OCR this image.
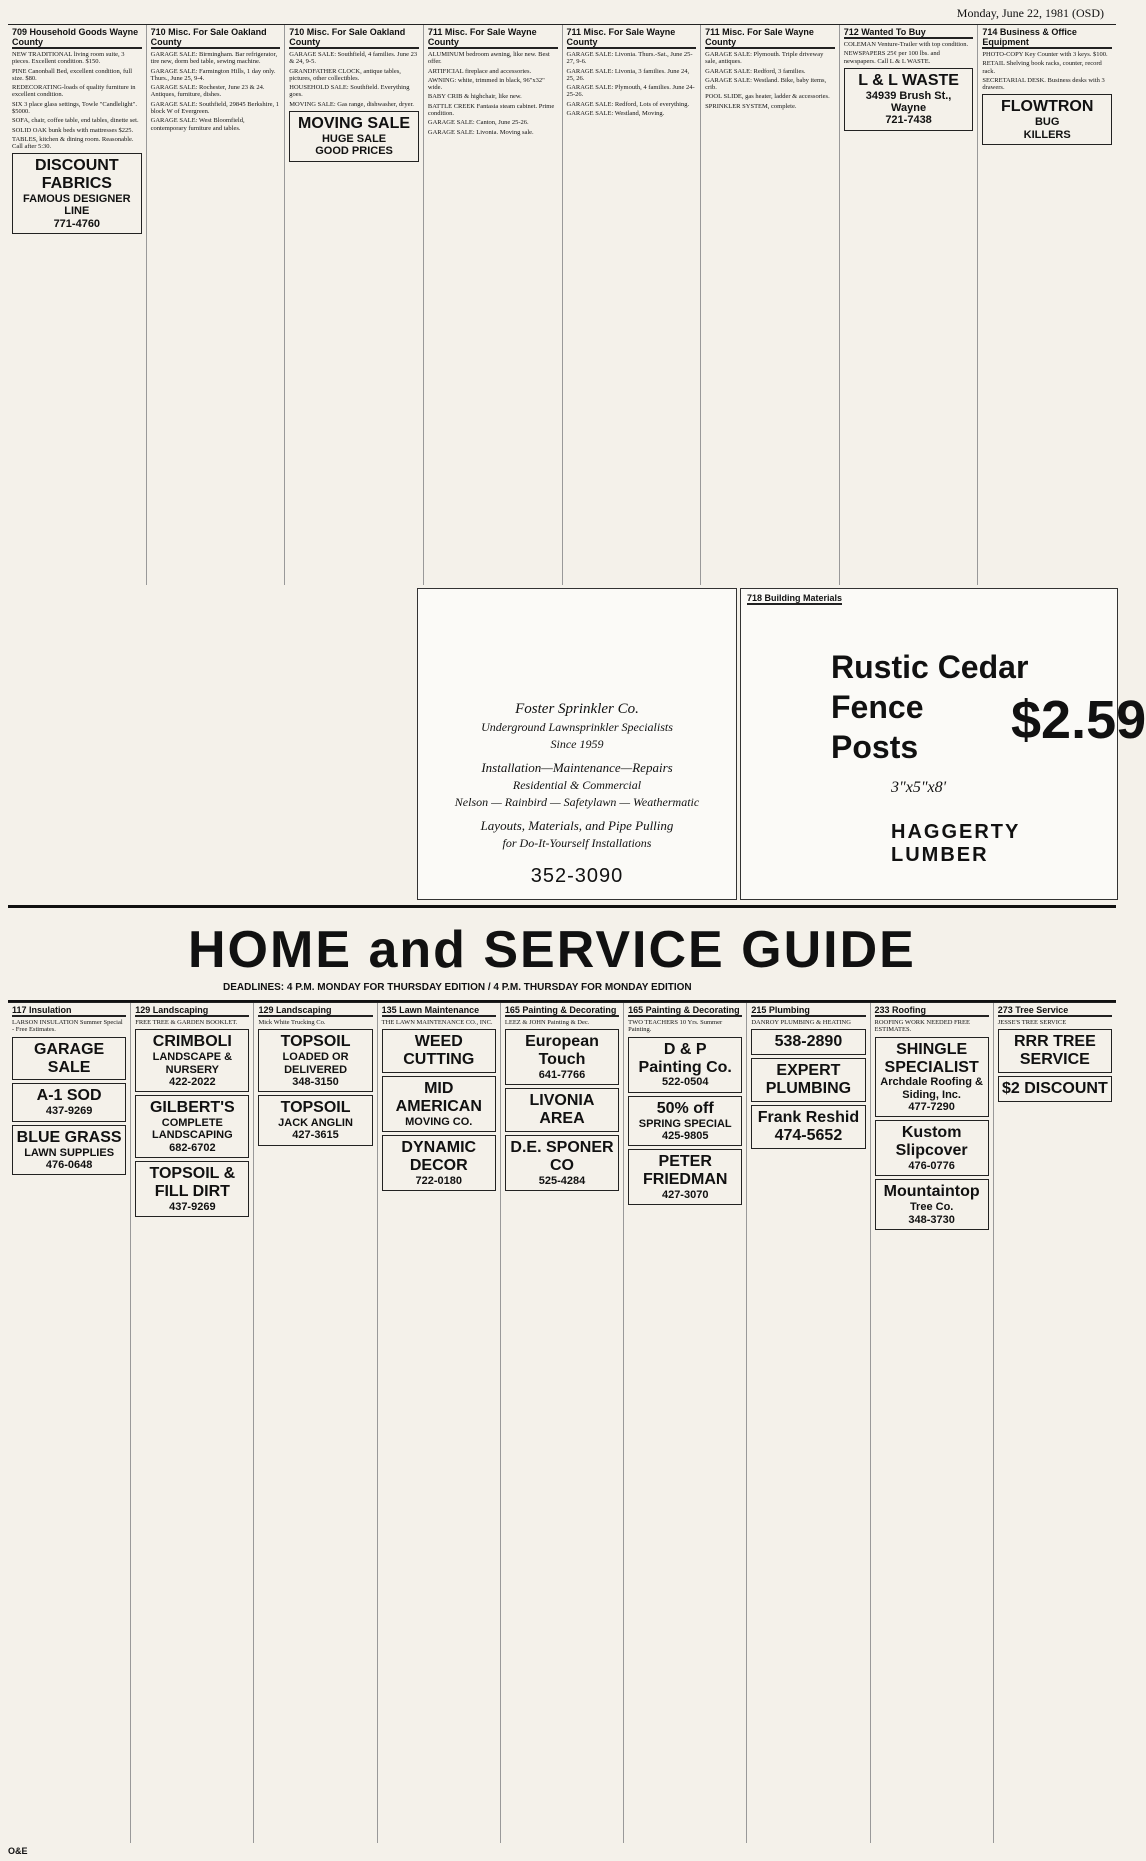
Monday, June 22, 1981 (OSD)
709 Household Goods Wayne County
NEW TRADITIONAL living room suite, 3 pieces. Excellent condition. $150.
PINE Canonball Bed, excellent condition, full size. $80.
REDECORATING-loads of quality furniture in excellent condition.
SIX 3 place glass settings, Towle "Candlelight". $5000.
SOFA, chair, coffee table, end tables, dinette set.
SOLID OAK bunk beds with mattresses $225.
TABLES, kitchen & dining room. Reasonable. Call after 5:30.
DISCOUNT FABRICS
FAMOUS DESIGNER LINE
771-4760
710 Misc. For Sale Oakland County
GARAGE SALE: Birmingham. Bar refrigerator, tire new, dorm bed table, sewing machine.
GARAGE SALE: Farmington Hills, 1 day only. Thurs., June 25, 9-4.
GARAGE SALE: Rochester, June 23 & 24. Antiques, furniture, dishes.
GARAGE SALE: Southfield, 29845 Berkshire, 1 block W of Evergreen.
GARAGE SALE: West Bloomfield, contemporary furniture and tables.
710 Misc. For Sale Oakland County
GARAGE SALE: Southfield, 4 families. June 23 & 24, 9-5.
GRANDFATHER CLOCK, antique tables, pictures, other collectibles.
HOUSEHOLD SALE: Southfield. Everything goes.
MOVING SALE: Gas range, dishwasher, dryer.
MOVING SALE
HUGE SALE
GOOD PRICES
711 Misc. For Sale Wayne County
ALUMINUM bedroom awning, like new. Best offer.
ARTIFICIAL fireplace and accessories.
AWNING: white, trimmed in black, 96"x32" wide.
BABY CRIB & highchair, like new.
BATTLE CREEK Fantasia steam cabinet. Prime condition.
GARAGE SALE: Canton, June 25-26.
GARAGE SALE: Livonia. Moving sale.
711 Misc. For Sale Wayne County
GARAGE SALE: Livonia. Thurs.-Sat., June 25-27, 9-6.
GARAGE SALE: Livonia, 3 families. June 24, 25, 26.
GARAGE SALE: Plymouth, 4 families. June 24-25-26.
GARAGE SALE: Redford, Lots of everything.
GARAGE SALE: Westland, Moving.
711 Misc. For Sale Wayne County
GARAGE SALE: Plymouth. Triple driveway sale, antiques.
GARAGE SALE: Redford, 3 families.
GARAGE SALE: Westland. Bike, baby items, crib.
POOL SLIDE, gas heater, ladder & accessories.
SPRINKLER SYSTEM, complete.
712 Wanted To Buy
COLEMAN Venture-Trailer with top condition.
NEWSPAPERS 25¢ per 100 lbs. and newspapers. Call L & L WASTE.
L & L WASTE
34939 Brush St., Wayne
721-7438
714 Business & Office Equipment
PHOTO-COPY Key Counter with 3 keys. $100.
RETAIL Shelving book racks, counter, record rack.
SECRETARIAL DESK. Business desks with 3 drawers.
FLOWTRON
BUG
KILLERS
Foster Sprinkler Co.
Underground Lawnsprinkler Specialists
Since 1959
Installation—Maintenance—Repairs
Residential & Commercial
Nelson — Rainbird — Safetylawn — Weathermatic
Layouts, Materials, and Pipe Pulling
for Do-It-Yourself Installations
352-3090
718 Building Materials
Rustic Cedar
Fence
Posts $2.59
3"x5"x8'
HAGGERTY LUMBER
HOME and SERVICE GUIDE
DEADLINES: 4 P.M. MONDAY FOR THURSDAY EDITION / 4 P.M. THURSDAY FOR MONDAY EDITION
117 Insulation
LARSON INSULATION Summer Special - Free Estimates.
GARAGE SALE
A-1 SOD
437-9269
BLUE GRASS
LAWN SUPPLIES
476-0648
129 Landscaping
FREE TREE & GARDEN BOOKLET.
CRIMBOLI
LANDSCAPE & NURSERY
422-2022
GILBERT'S
COMPLETE LANDSCAPING
682-6702
TOPSOIL & FILL DIRT
437-9269
129 Landscaping
Mick White Trucking Co.
TOPSOIL
LOADED OR DELIVERED
348-3150
TOPSOIL
JACK ANGLIN
427-3615
135 Lawn Maintenance
THE LAWN MAINTENANCE CO., INC.
WEED CUTTING
MID AMERICAN
MOVING CO.
DYNAMIC DECOR
722-0180
165 Painting & Decorating
LEEZ & JOHN Painting & Dec.
European Touch
641-7766
LIVONIA AREA
D.E. SPONER CO
525-4284
165 Painting & Decorating
TWO TEACHERS 10 Yrs. Summer Painting.
D & P Painting Co.
522-0504
50% off
SPRING SPECIAL
425-9805
PETER FRIEDMAN
427-3070
215 Plumbing
DANROY PLUMBING & HEATING
538-2890
EXPERT PLUMBING
Frank Reshid 474-5652
233 Roofing
ROOFING WORK NEEDED FREE ESTIMATES.
SHINGLE SPECIALIST
Archdale Roofing & Siding, Inc.
477-7290
Kustom Slipcover
476-0776
Mountaintop
Tree Co.
348-3730
273 Tree Service
JESSE'S TREE SERVICE
RRR TREE SERVICE
$2 DISCOUNT
O&E
